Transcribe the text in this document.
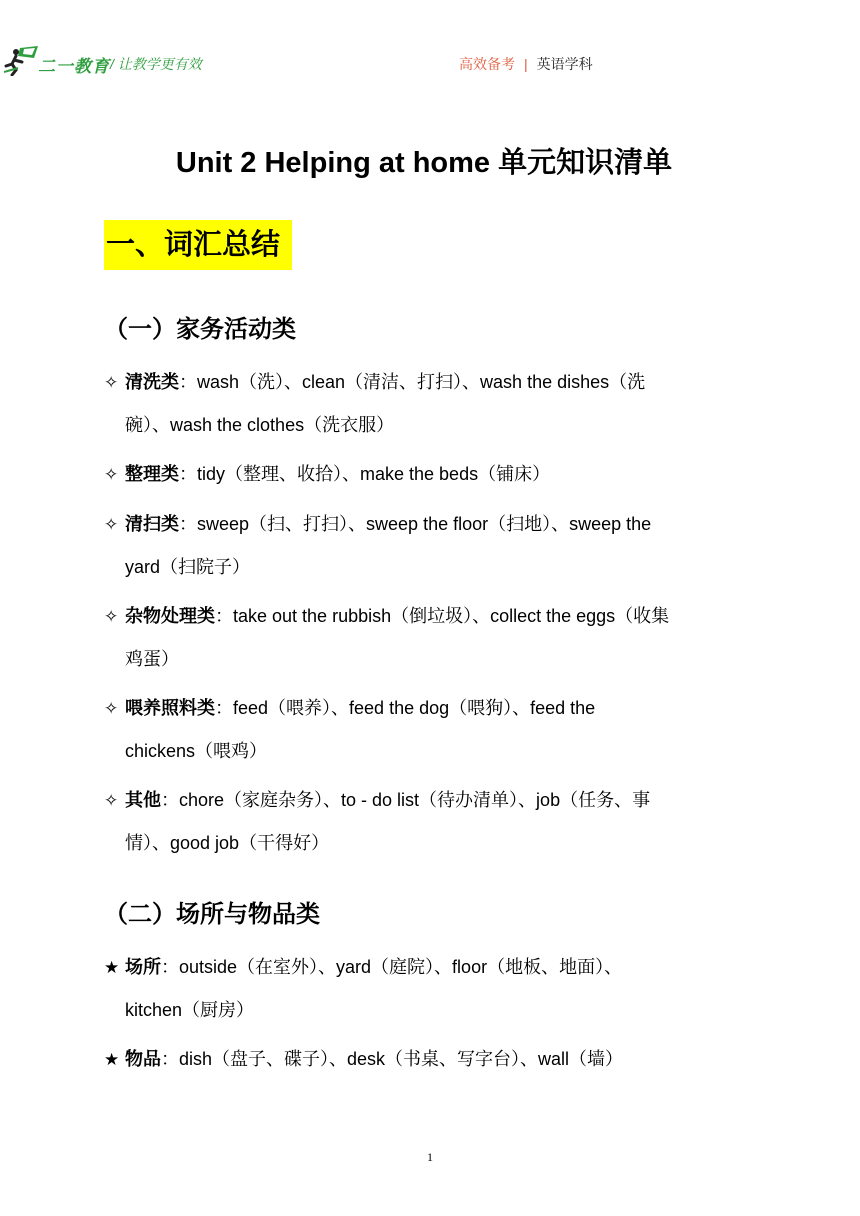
二一教育 / 让教学更有效	高效备考 | 英语学科
Unit 2 Helping at home 单元知识清单
一、词汇总结
（一）家务活动类
✧ 清洗类：wash（洗）、clean（清洁、打扫）、wash the dishes（洗
碗）、wash the clothes（洗衣服）
✧ 整理类：tidy（整理、收拾）、make the beds（铺床）
✧ 清扫类：sweep（扫、打扫）、sweep the floor（扫地）、sweep the
yard（扫院子）
✧ 杂物处理类：take out the rubbish（倒垃圾）、collect the eggs（收集
鸡蛋）
✧ 喂养照料类：feed（喂养）、feed the dog（喂狗）、feed the
chickens（喂鸡）
✧ 其他：chore（家庭杂务）、to - do list（待办清单）、job（任务、事
情）、good job（干得好）
（二）场所与物品类
★ 场所：outside（在室外）、yard（庭院）、floor（地板、地面）、
kitchen（厨房）
★ 物品：dish（盘子、碟子）、desk（书桌、写字台）、wall（墙）
1
